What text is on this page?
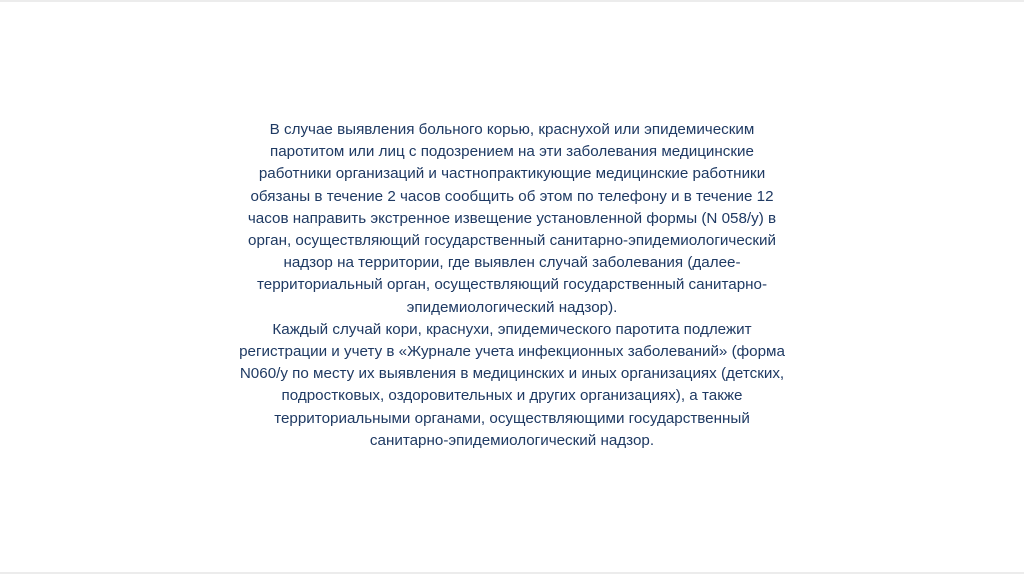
В случае выявления больного корью, краснухой или эпидемическим
паротитом или лиц с подозрением на эти заболевания медицинские
работники организаций и частнопрактикующие медицинские работники
обязаны в течение 2 часов сообщить об этом по телефону и в течение 12
часов направить экстренное извещение установленной формы (N 058/у) в
орган, осуществляющий государственный санитарно-эпидемиологический
надзор на территории, где выявлен случай заболевания (далее-
территориальный орган, осуществляющий государственный санитарно-
эпидемиологический надзор).
Каждый случай кори, краснухи, эпидемического паротита подлежит
регистрации и учету в «Журнале учета инфекционных заболеваний» (форма
N060/у по месту их выявления в медицинских и иных организациях (детских,
подростковых, оздоровительных и других организациях), а также
территориальными органами, осуществляющими государственный
санитарно-эпидемиологический надзор.
